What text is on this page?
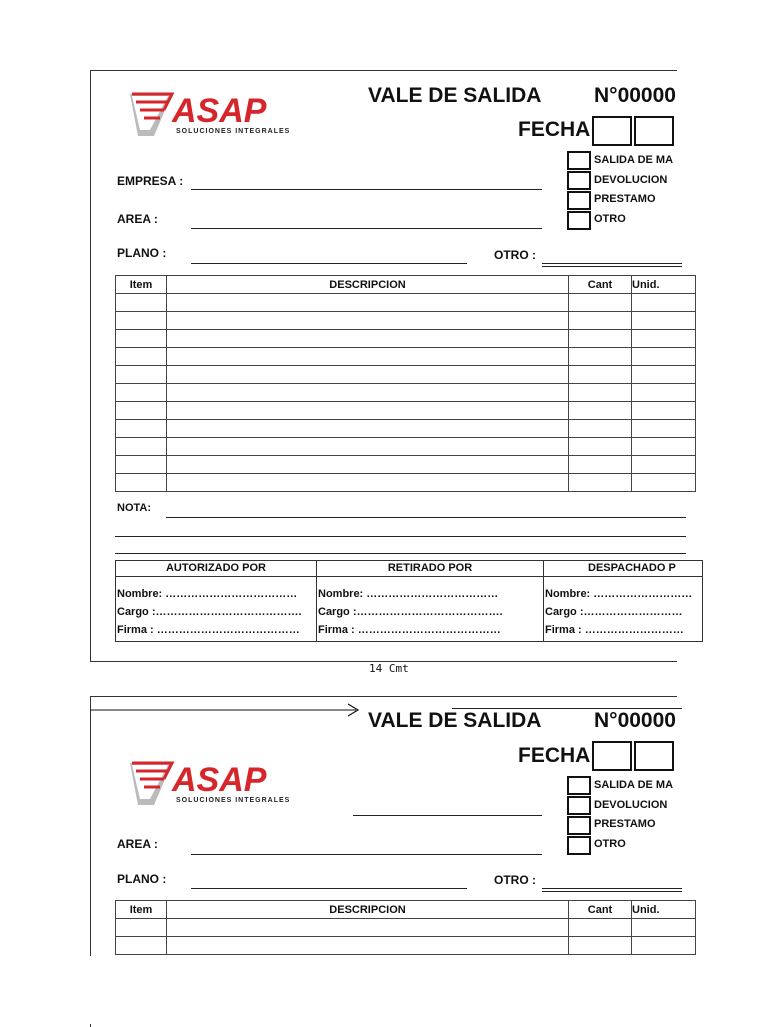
ASAP
SOLUCIONES INTEGRALES
VALE DE SALIDA	N°00000
FECHA
SALIDA DE MA
DEVOLUCION
PRESTAMO
OTRO
EMPRESA :
AREA :
PLANO :	OTRO :
Item	DESCRIPCION	Cant	Unid.

NOTA:
AUTORIZADO POR
Nombre: ………………………………
Cargo :………………………………….
Firma : …………………………………
RETIRADO POR
Nombre: ………………………………
Cargo :………………………………….
Firma : …………………………………
DESPACHADO P
Nombre: ………………………
Cargo :………………………
Firma : ………………………
14 Cmt
ASAP
SOLUCIONES INTEGRALES
VALE DE SALIDA	N°00000
FECHA
SALIDA DE MA
DEVOLUCION
PRESTAMO
OTRO
AREA :
PLANO :	OTRO :
Item	DESCRIPCION	Cant	Unid.
